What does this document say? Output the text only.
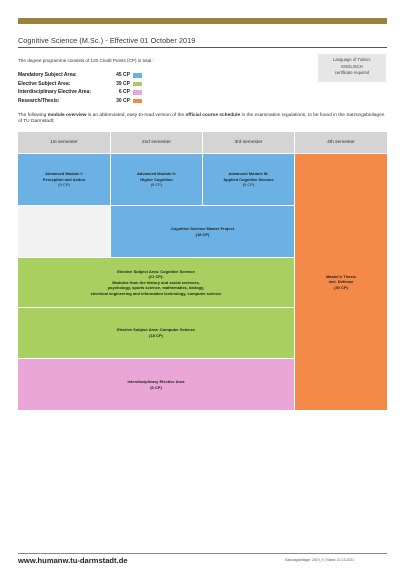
Cognitive Science (M.Sc.) - Effective 01 October 2019
The degree programme consists of 120 Credit Points (CP) in total.:
Mandatory Subject Area:	45 CP
Elective Subject Area:	39 CP
Interdisciplinary Elective Area:	6 CP
Research/Thesis:	30 CP
Language of Tuition:
ENGLISCH
certificate required
The following module overview is an abbreviated, easy-to-read version of the official course schedule in the examination regulations, to be found in the Satzungsbeilagen of TU Darmstadt:
1st semester	2nd semester	3rd semester	4th semester
Advanced Module I:
Perception and Action
(9 CP)
Advanced Module II:
Higher Cognition
(9 CP)
Advanced Module III:
Applied Cognitive Science
(9 CP)
Master's Thesis
incl. Defense
(30 CP)
Cognitive Science Master Project
(18 CP)
Elective Subject Area: Cognitive Science
(21 CP);
Modules from the history and social sciences,
psychology, sports science, mathematics, biology,
electrical engineering and information technology, computer science
Elective Subject Area: Computer Science
(18 CP)
Interdisciplinary Elective Area
(6 CP)
www.humanw.tu-darmstadt.de	Satzungsbeilage: 2019_X | Stand: 21.10.2021
